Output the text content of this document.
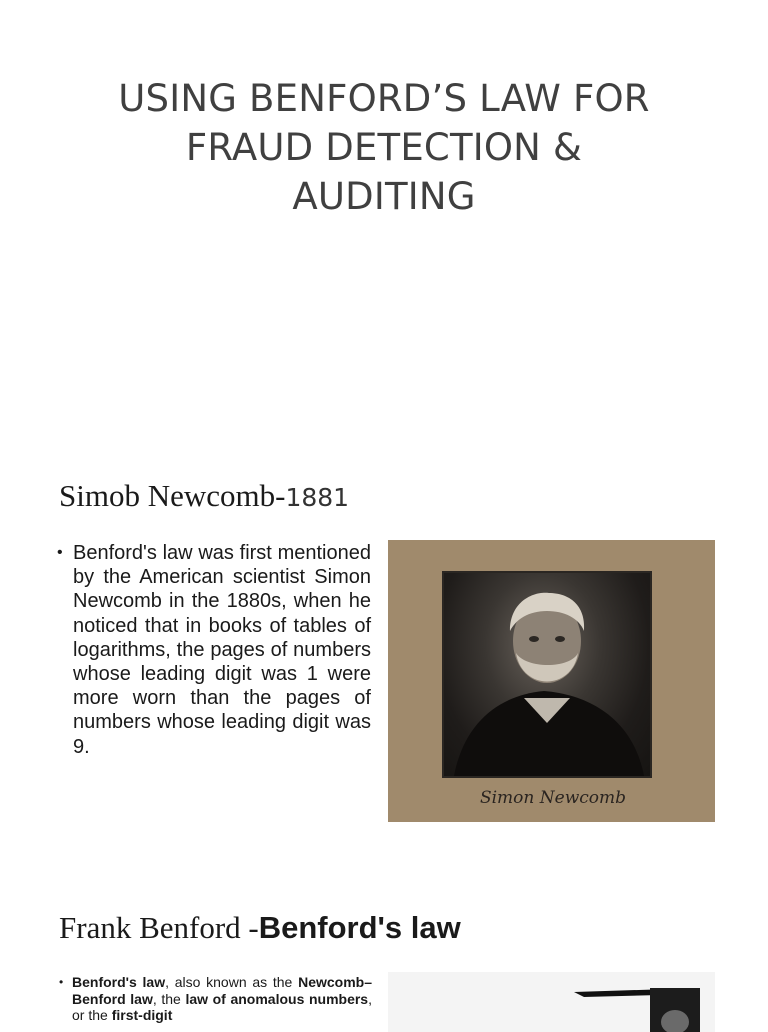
USING BENFORD’S LAW FOR
FRAUD DETECTION &
AUDITING
Simob Newcomb-1881
• Benford's law was first mentioned by the American scientist Simon Newcomb in the 1880s, when he noticed that in books of tables of logarithms, the pages of numbers whose leading digit was 1 were more worn than the pages of numbers whose leading digit was 9.
Simon Newcomb
Frank Benford -Benford's law
• Benford's law, also known as the Newcomb–Benford law, the law of anomalous numbers, or the first-digit
